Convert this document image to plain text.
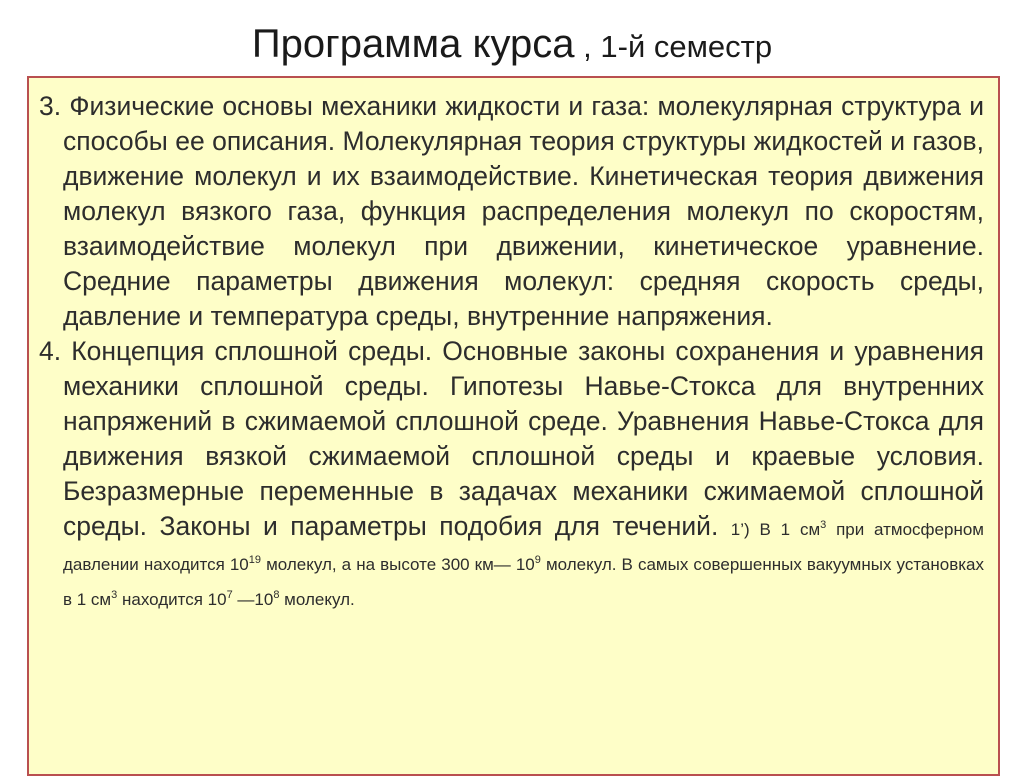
Программа курса , 1-й семестр

3. Физические основы механики жидкости и газа: молекулярная структура и способы ее описания. Молекулярная теория структуры жидкостей и газов, движение молекул и их взаимодействие. Кинетическая теория движения молекул вязкого газа, функция распределения молекул по скоростям, взаимодействие молекул при движении, кинетическое уравнение. Средние параметры движения молекул: средняя скорость среды, давление и температура среды, внутренние напряжения.

4. Концепция сплошной среды. Основные законы сохранения и уравнения механики сплошной среды. Гипотезы Навье-Стокса для внутренних напряжений в сжимаемой сплошной среде. Уравнения Навье-Стокса для движения вязкой сжимаемой сплошной среды и краевые условия. Безразмерные переменные в задачах механики сжимаемой сплошной среды. Законы и параметры подобия для течений. 1’) В 1 $см^3$ при атмосферном давлении находится $10^{19}$ молекул, а на высоте 300 км— $10^9$ молекул. В самых совершенных вакуумных установках в 1 $см^3$ находится $10^7$ $—10^8$ молекул.
